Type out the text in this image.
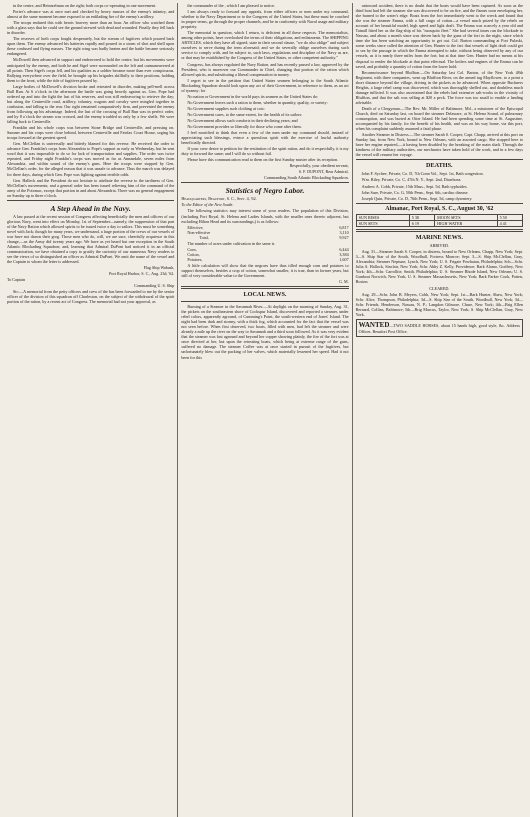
in the centre, and Heintzelman on the right; both corps co-operating in one movement.

Porter's advance was at once met and checked by heavy masses of the enemy's infantry, and almost at the same moment became exposed to an enfilading fire of the enemy's artillery.

The troops endured this with heroic bravery more than an hour. An officer who watched them with a glass says that he could see the ground strewed with dead and wounded. Finally they fell back in disorder.

The reserves of both corps fought desperately, but the stream of fugitives which poured back upon them. The enemy advanced his batteries rapidly and poured in a storm of shot and shell upon these confused and flying masses. The right wing was badly beaten and the battle became seriously endangered.

McDowell then advanced in support and endeavored to hold the centre, but his movements were anticipated by the enemy, and both he and Sigel were surrounded on the left and outmaneuvered at all points. Then Sigel's corps fell, and his qualities as a soldier became more than ever conspicuous. Rallying everywhere over the field, he brought up his brigades skillfully to their positions, holding them to the front, while the tide of fugitives poured by.

Large bodies of McDowell's division broke and retreated in disorder, making pell-mell across Bull Run. At 6 o'clock in the afternoon the battle was going heavily against us. Gen. Pope had ordered up and into the fight the last of his reserves, and was still endeavoring to retrieve the day; but along the Centreville road, artillery, infantry, wagons and cavalry were mingled together in confusion, and falling to the rear. Our right remained comparatively firm, and prevented the enemy from following up his advantage. Indeed, the last of the crossing of Bull Run was in perfect order, and by 8 o'clock the stream was crossed, and the enemy troubled us only by a few shells. We were falling back to Centreville.

Franklin and his whole corps was between Stone Bridge and Centreville, and pressing on. Sumner and his corps were close behind, between Centreville and Fairfax Court House, urging his troops forward at the greatest speed.

Gen. McClellan is universally and bitterly blamed for this reverse. He received the order to advance Gen. Franklin's corps from Alexandria to Pope's support as early as Wednesday, but he sent word that it was impossible to do so for lack of transportation and supplies. The order was twice repeated, and Friday night Franklin's corps was moved as far as Annandale, seven miles from Alexandria, and within sound of the enemy's guns. Here the troops were stopped by Gen. McClellan's order, for the alleged reason that it was unsafe to advance. Thus the march was delayed for three days, during which Gen. Pope was fighting against terrible odds.

Gen. Halleck and the President do not hesitate to attribute the reverse to the tardiness of Gen. McClellan's movements; and a general order has been issued relieving him of the command of the army of the Potomac, except that portion in and about Alexandria. There was no general engagement on Sunday up to three o'clock.

A Step Ahead in the Navy.

A law passed at the recent session of Congress affecting beneficially the men and officers of our glorious Navy, went into effect on Monday, 1st of September—namely, the suppression of that part of the Navy Ration which allowed spirits to be issued twice a day to sailors. This must be something novel with Jack; though for many years, we understand, a large portion of the crews of our vessels of war have not drawn their grog. Those men who do, will, we are sure, cheerfully acquiesce in this change,—as the Army did twenty years ago. We have as yet heard but one exception in the South Atlantic Blockading Squadron; and, learning that Admiral DuPont had noticed it in an official communication, we have obtained a copy to gratify the curiosity of our numerous Navy readers to see the views of so distinguished an officer as Admiral DuPont. We omit the name of the vessel and the Captain to whom the letter is addressed.

Flag Ship Wabash,

Port Royal Harbor, S. C., Aug. 23d, '62.

To Captain

Commanding U. S. Ship

Sir:—A memorial from the petty officers and crew of the has been forwarded to me by the senior officer of the division of this squadron off Charleston, on the subject of the withdrawal of the spirit portion of the ration, by a recent act of Congress. The memorial had not your approval, as

the commander of the , which I am pleased to notice.

I am always ready to forward any appeals, from either officers or men under my command, whether to the Navy Department or to the Congress of the United States, but these must be couched in proper terms, go through the proper channels, and be in conformity with Naval usage and military propriety.

The memorial in question, which I return, is deficient in all these respects. The memorialists, among other points, have overlooked the terms of their obligations, and enlistments. The SHIPPING ARTICLES, which they have all signed, state in their second clause, "we do also oblige" and subject ourselves to serve during the term aforesaid; and we do severally oblige ourselves during such service to comply with, and be subject to, such laws, regulations and discipline of the Navy as are, or that may be established by the Congress of the United States, or other competent authority."

Congress, has always regulated the Navy Ration, and has recently passed a law, approved by the President, who is moreover our Commander in Chief, changing that portion of the ration which allowed spirits, and substituting a liberal compensation in money.

I regret to see in the petition that United States seamen belonging to the South Atlantic Blockading Squadron should look upon any act of their Government, in reference to them, as an act of tyranny; for

No nation or Government in the world pays its seamen as the United States do:

No Government leaves such a ration to them, whether in quantity, quality, or variety:

No Government supplies such clothing at cost:

No Government cares, to the same extent, for the health of its sailors:

No Government allows such comforts in their declining years; and

No Government provides so liberally for those who come after them.

I feel mortified to think that even a few of the men under my command should, instead of appreciating such blessings, evince a querulous spirit with the exercise of lawful authority beneficially directed.

If your crew desire to petition for the restitution of the spirit ration, and do it respectfully, it is my duty to forward the same; and I will do so without fail.

Please have this communication read to them on the first Sunday muster after its reception.

Respectfully, your obedient servant,

S. F. DUPONT, Rear Admiral,

Commanding South Atlantic Blockading Squadron.

Statistics of Negro Labor.

Headquarters, Beaufort, S. C., Sept. 4, '62.

To the Editor of the New South:

The following statistics may interest some of your readers. The population of this Division, (including Fort Royal, St. Helena and Ladies Islands, with the smaller ones thereto adjacent, but excluding Hilton Head and its surroundings,) is as follows:

Effective,	6,817
Non-effective	3,110
Total,	9,927

The number of acres under cultivation in the same is

Corn,	6,444
Cotton,	3,384
Potatoes,	1,607

A little calculation will show that the negroes have thus tilled enough corn and potatoes to support themselves, besides a crop of cotton, somewhat smaller, it is true, than in former years, but still of very considerable value to the Government.

G. M.

LOCAL NEWS.

Burning of a Steamer in the Savannah River.—At daylight on the morning of Sunday, Aug. 31, the pickets on the southeastern shore of Cockspur Island, discovered and reported a steamer, under rebel colors, apparently aground, of Cumming's Point, the south-western end of Jones' Island. The night had been dark and stormy, with a thick fog, which accounted for the fact that the vessel was not seen before. When first observed, two boats, filled with men, had left the steamer and were already a mile up the river on the way to Savannah and a third soon followed. As it was very evident that the steamer was fast aground and beyond her copper showing plainly, the fire of the fort was at once directed at her, but upon the retreating boats, which being at extreme range of the guns, suffered no damage. The steamer Coffee was at once started in pursuit of the fugitives, but unfortunately blew out the packing of her valves, which materially lessened her speed. Had it not been for this

untoward accident, there is no doubt that the boats would have been captured. As soon as the third boat had left the steamer she was discovered to be on fire, and the flames soon enveloping her, she burned to the water's edge. Boats from the fort immediately went to the wreck and found that she was the steamer Emma, with a full cargo of cotton—a vessel much prized by the rebels on account of her beautiful model, high speed and light draft. The Emma was scarcely a year old and Tatnall fitted her as the flag-ship of his "mosquito fleet." She had several times run the blockade to Nassau, and about a month since was driven back by the guns of the fort in the night, since which time she has been watching an opportunity to get out. Col. Barton commanding at Fort Pulaski, some weeks since called the attention of Gen. Hunter to the fact that vessels of light draft could get to sea by the passage in which the Emma attempted to take, without being observed by any of our vessels, as it is nearly three miles from the fort; but at that time Gen. Hunter had no means at his disposal to render the blockade at that point effectual. The boilers and engines of the Emma can be saved, and probably a quantity of cotton from the lower hold.

Reconnoissance beyond Bluffton.—On Saturday last Col. Barton, of the New York 48th Regiment, with three companies, went up Bluffton River, on the armed tug Mayflower, to a point a short distance beyond the village, driving in the pickets as he advanced. When opposite Buckners Heights, a large rebel camp was discovered, which was thoroughly shelled out, and doubtless much damage inflicted. It was also ascertained that the rebels had extensive salt-works in the vicinity of Bluffton, and that the salt was selling at $20 a peck. The force was too small to enable a landing advisable.

Death of a Clergyman.—The Rev. Mr. Miller of Baltimore, Md., a missioner of the Episcopal Church, died on Saturday last, on board the steamer Delaware, at St. Helena Sound, of pulmonary consumption, and was buried at Otter Island. He had been spending some time at St. Augustine, accompanied by his family, for the benefit of his health, and was on his way home, via this port, when his complaint suddenly assumed a fatal phase.

Another Steamer in Distress.—The steamer Sarah S. Cooper, Capt. Chapp, arrived at this port on Sunday last, from New York, bound to New Orleans, with an assorted cargo. She stopped here to have her engine repaired,—it having been disabled by the breaking of the main shaft. Through the kindness of the military authorities, our mechanics have taken hold of the work, and in a few days the vessel will resume her voyage.

DEATHS.

John F. Sychee, Private, Co. D, 7th Conn Vol., Sept. 1st, Bath congestion.

Wm. Riley, Private, Co. C, 47th N. Y., Sept. 2nd, Diarrhoea.

Andrew A. Cobb, Private, 15th Mass., Sept. 5d, Bath typhoides.

John Sure, Private, Co. G, 50th Penn., Sept. 6th, cardiac disease.

Joseph Quin, Private, Co. D, 76th Penn., Sept. 5d, camp dysentery.

Almanac, Port Royal, S. C., August 30, '62
SUN RISES	5 38	MOON SETS	5 50
SUN SETS	6 19	HIGH WATER	4 41
MARINE NEWS.

ARRIVED.

Aug. 31—Steamer Sarah S. Cooper, in distress, bound to New Orleans, Chapp, New York; Sept. 3—S. Ship Star of the South, Woodhull, Fortress Monroe; Sept. 3—S. Ship McClellan, Gray, Alexandria; Steamer Neptune, Lynch, New York; U. S. Frigate Powhatan, Philadelphia; Sch—Schr. Julia A. Hallock, Sinclair, New York; Schr. Abby Z. Kelly, Providence; Bark Alamo, Godfrey, New York; 4th—Schr. Carrollite, Smith, Philadelphia; U. S. Steamer Rhode Island, New Orleans; U. S. Gunboat Norwich, New York; U. S. Steamer Massachusetts, New York; Bark Parker Cook, Patten, Boston.

CLEARED.

Aug. 29—Schr. John B. Meyers, Cobb, New York; Sept. 1st—Bark Hunter, Shaw, New York; Schr. Alice, Thompson, Philadelphia; 3d—S. Ship Star of the South, Woodhull, New York; 3d—Schr. Friends, Henderson, Nassau, N. P.; Langdon Gilmore, Chase, New York; 4th—Brig Ellen Bernard, Collins, Baltimore; 5th—Brig Marcus, Taylor, New York; S. Ship McClellan, Gray, New York.

WANTED—TWO SADDLE HORSES, about 15 hands high, good style, &c. Address Officer, Beaufort Post Office.
